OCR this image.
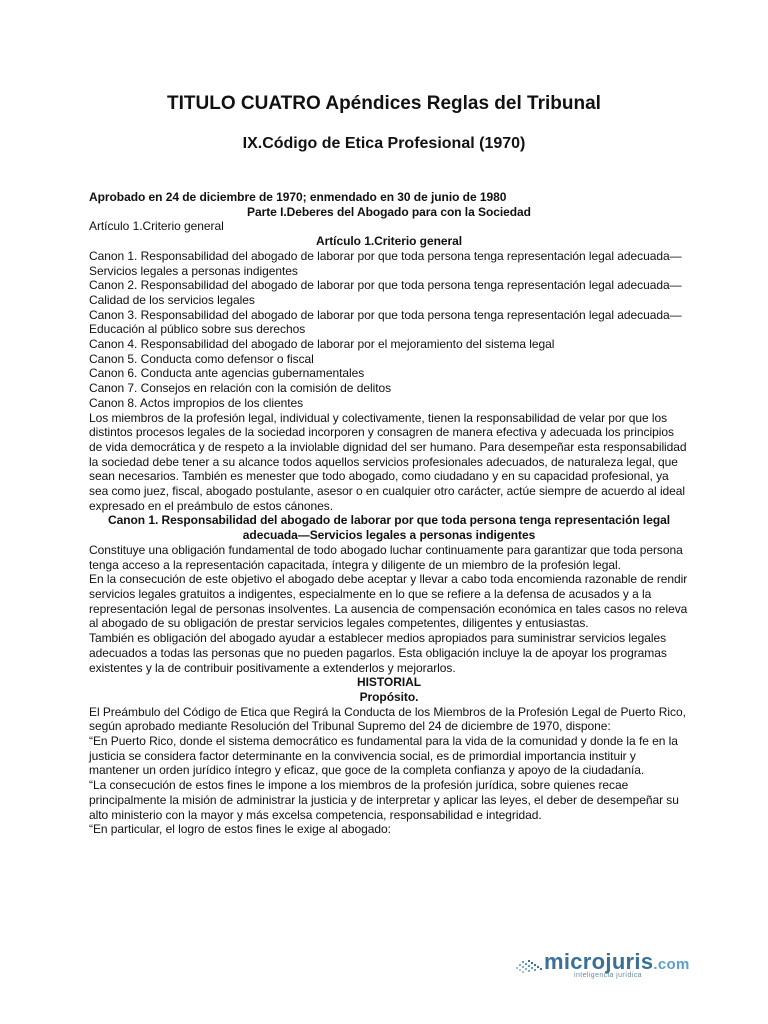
TITULO CUATRO Apéndices Reglas del Tribunal
IX.Código de Etica Profesional (1970)

Aprobado en 24 de diciembre de 1970; enmendado en 30 de junio de 1980

Parte I.Deberes del Abogado para con la Sociedad

Artículo 1.Criterio general

Artículo 1.Criterio general

Canon 1. Responsabilidad del abogado de laborar por que toda persona tenga representación legal adecuada—Servicios legales a personas indigentes

Canon 2. Responsabilidad del abogado de laborar por que toda persona tenga representación legal adecuada—Calidad de los servicios legales

Canon 3. Responsabilidad del abogado de laborar por que toda persona tenga representación legal adecuada—Educación al público sobre sus derechos

Canon 4. Responsabilidad del abogado de laborar por el mejoramiento del sistema legal

Canon 5. Conducta como defensor o fiscal

Canon 6. Conducta ante agencias gubernamentales

Canon 7. Consejos en relación con la comisión de delitos

Canon 8. Actos impropios de los clientes

Los miembros de la profesión legal, individual y colectivamente, tienen la responsabilidad de velar por que los distintos procesos legales de la sociedad incorporen y consagren de manera efectiva y adecuada los principios de vida democrática y de respeto a la inviolable dignidad del ser humano. Para desempeñar esta responsabilidad la sociedad debe tener a su alcance todos aquellos servicios profesionales adecuados, de naturaleza legal, que sean necesarios. También es menester que todo abogado, como ciudadano y en su capacidad profesional, ya sea como juez, fiscal, abogado postulante, asesor o en cualquier otro carácter, actúe siempre de acuerdo al ideal expresado en el preámbulo de estos cánones.

Canon 1. Responsabilidad del abogado de laborar por que toda persona tenga representación legal adecuada—Servicios legales a personas indigentes

Constituye una obligación fundamental de todo abogado luchar continuamente para garantizar que toda persona tenga acceso a la representación capacitada, íntegra y diligente de un miembro de la profesión legal.

En la consecución de este objetivo el abogado debe aceptar y llevar a cabo toda encomienda razonable de rendir servicios legales gratuitos a indigentes, especialmente en lo que se refiere a la defensa de acusados y a la representación legal de personas insolventes. La ausencia de compensación económica en tales casos no releva al abogado de su obligación de prestar servicios legales competentes, diligentes y entusiastas.

También es obligación del abogado ayudar a establecer medios apropiados para suministrar servicios legales adecuados a todas las personas que no pueden pagarlos. Esta obligación incluye la de apoyar los programas existentes y la de contribuir positivamente a extenderlos y mejorarlos.

HISTORIAL

Propósito.

El Preámbulo del Código de Etica que Regirá la Conducta de los Miembros de la Profesión Legal de Puerto Rico, según aprobado mediante Resolución del Tribunal Supremo del 24 de diciembre de 1970, dispone:

“En Puerto Rico, donde el sistema democrático es fundamental para la vida de la comunidad y donde la fe en la justicia se considera factor determinante en la convivencia social, es de primordial importancia instituir y mantener un orden jurídico íntegro y eficaz, que goce de la completa confianza y apoyo de la ciudadanía.

“La consecución de estos fines le impone a los miembros de la profesión jurídica, sobre quienes recae principalmente la misión de administrar la justicia y de interpretar y aplicar las leyes, el deber de desempeñar su alto ministerio con la mayor y más excelsa competencia, responsabilidad e integridad.

“En particular, el logro de estos fines le exige al abogado:

microjuris.com
inteligencia jurídica
